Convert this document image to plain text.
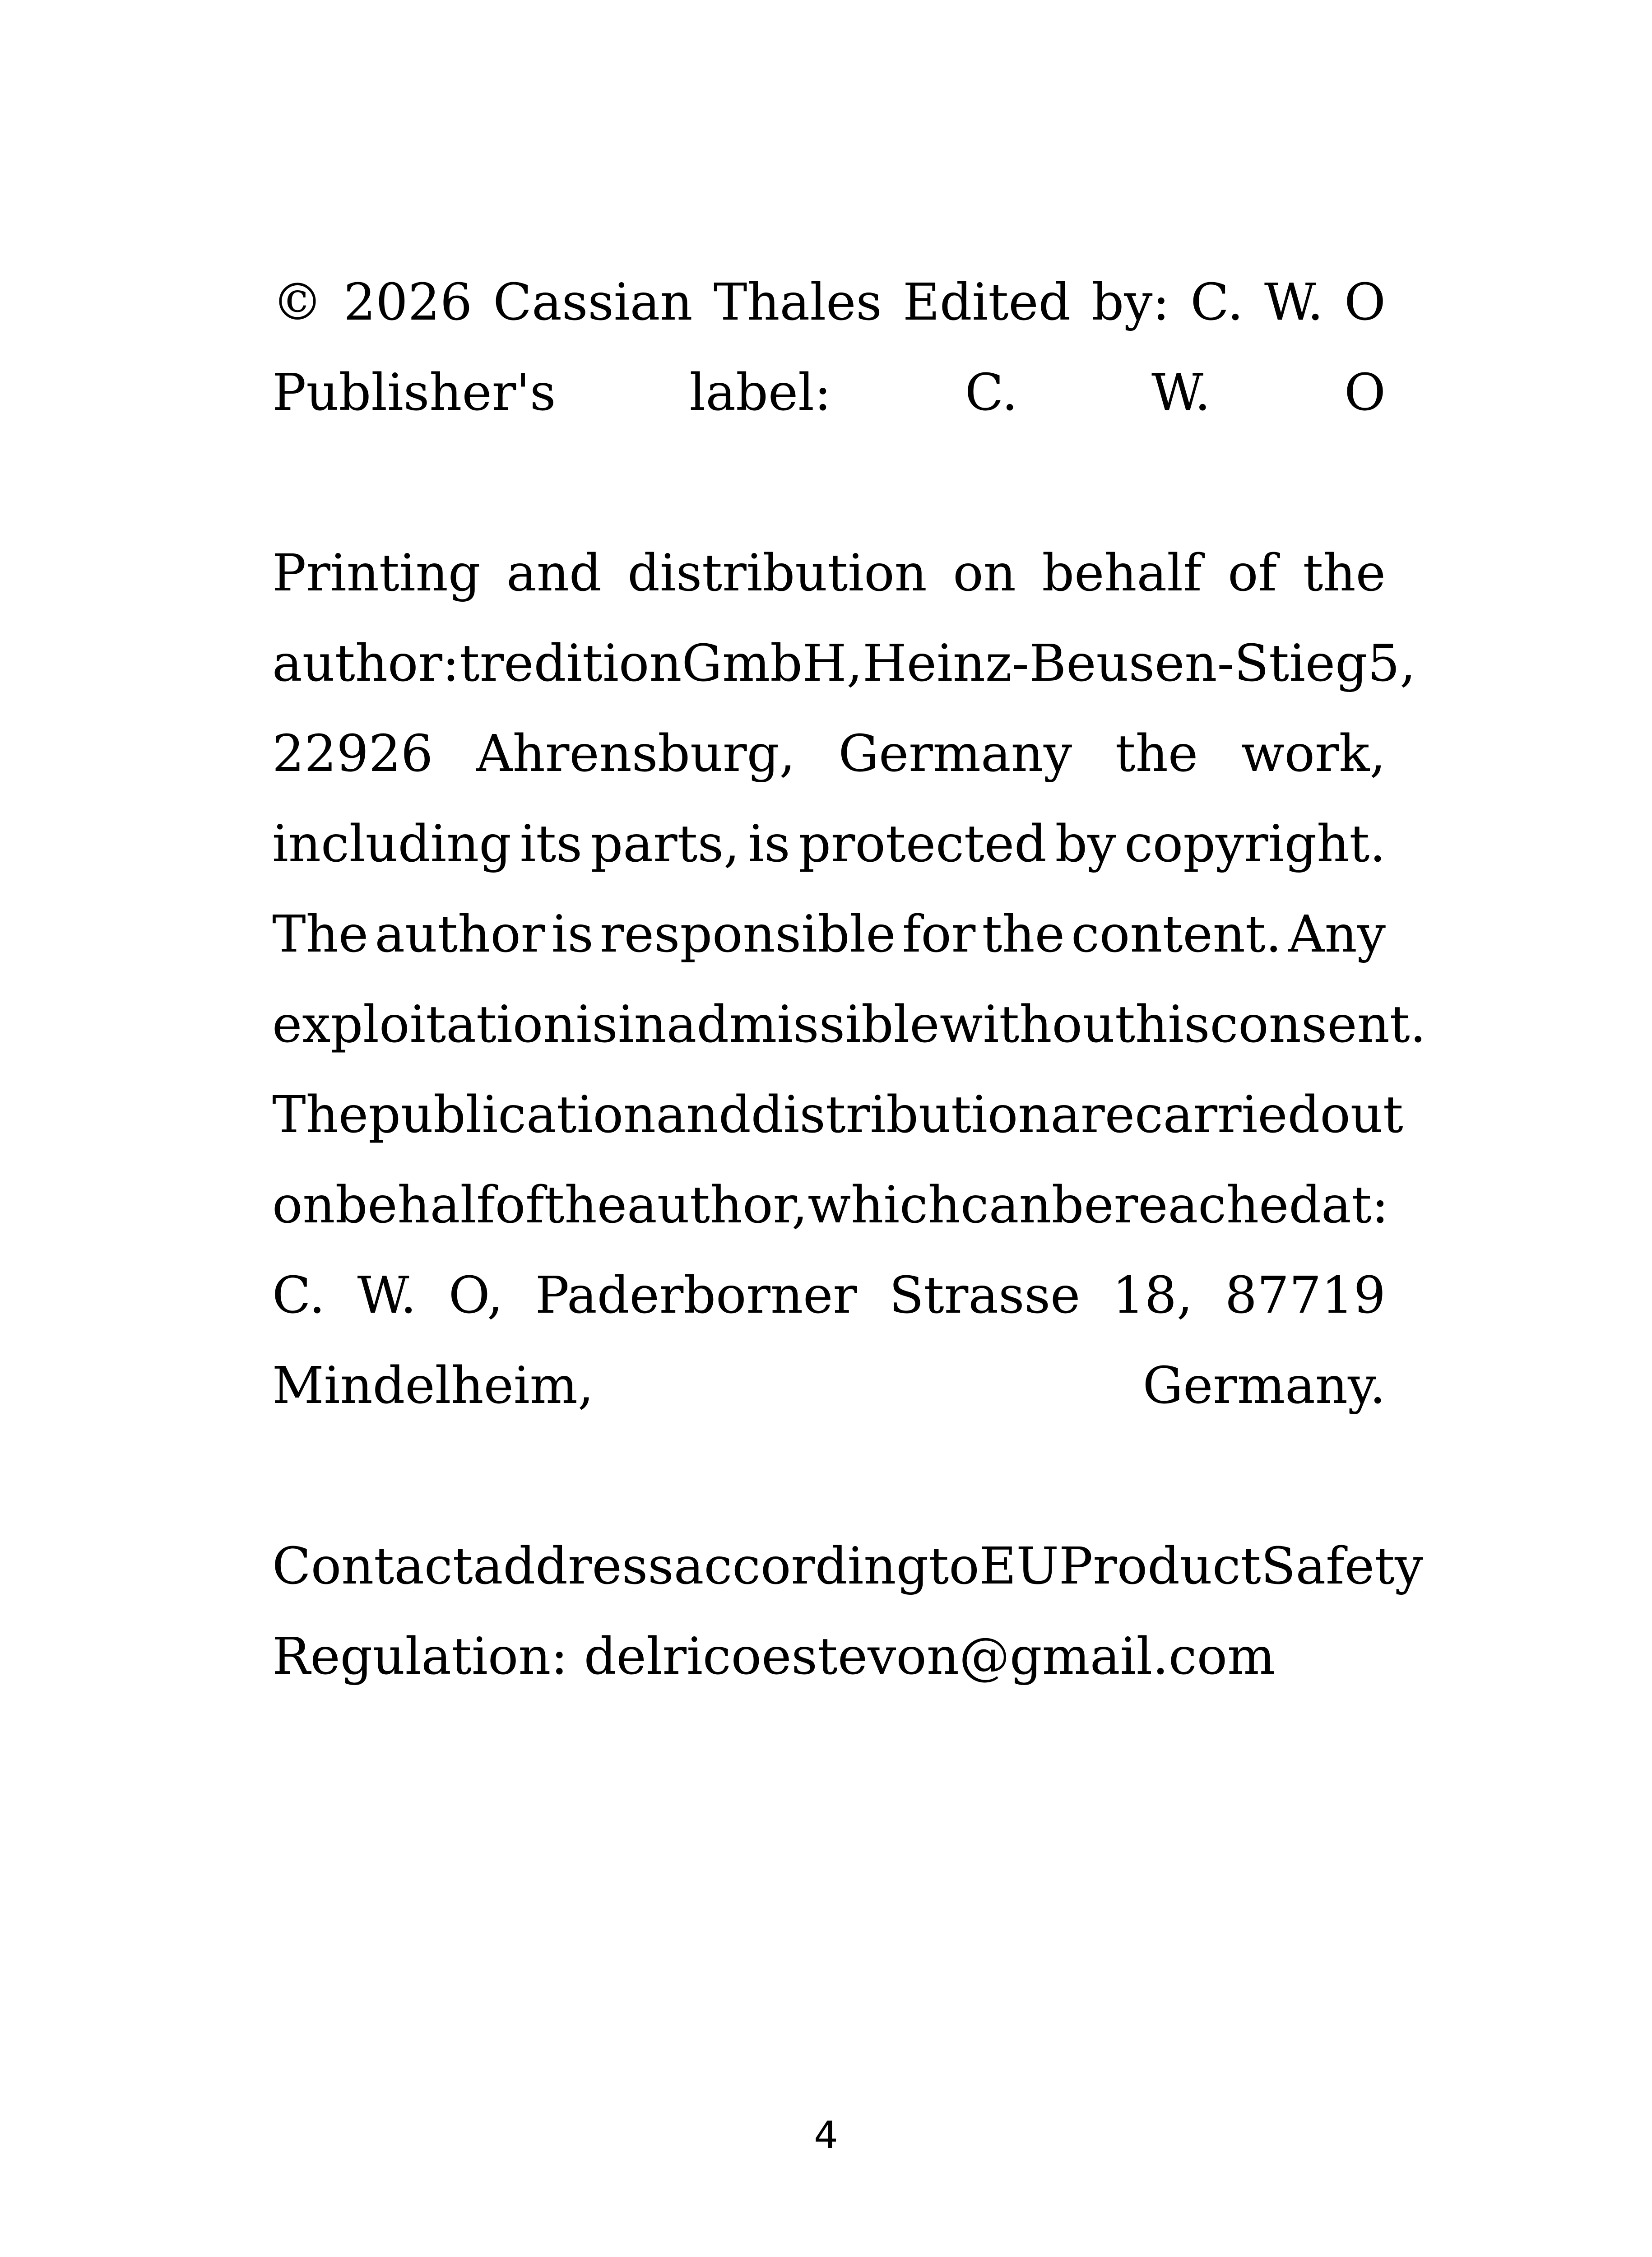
© 2026 Cassian Thales Edited by: C. W. O
Publisher's	label:	C.	W.	O
Printing and distribution on behalf of the
author: tredition GmbH, Heinz-Beusen-Stieg 5,
22926 Ahrensburg, Germany the work,
including its parts, is protected by copyright.
The author is responsible for the content. Any
exploitation is inadmissible without his consent.
The publication and distribution are carried out
on behalf of the author, which can be reached at:
C. W. O, Paderborner Strasse 18, 87719
Mindelheim,	Germany.
Contact address according to EU Product Safety
Regulation: delricoestevon@gmail.com
4
